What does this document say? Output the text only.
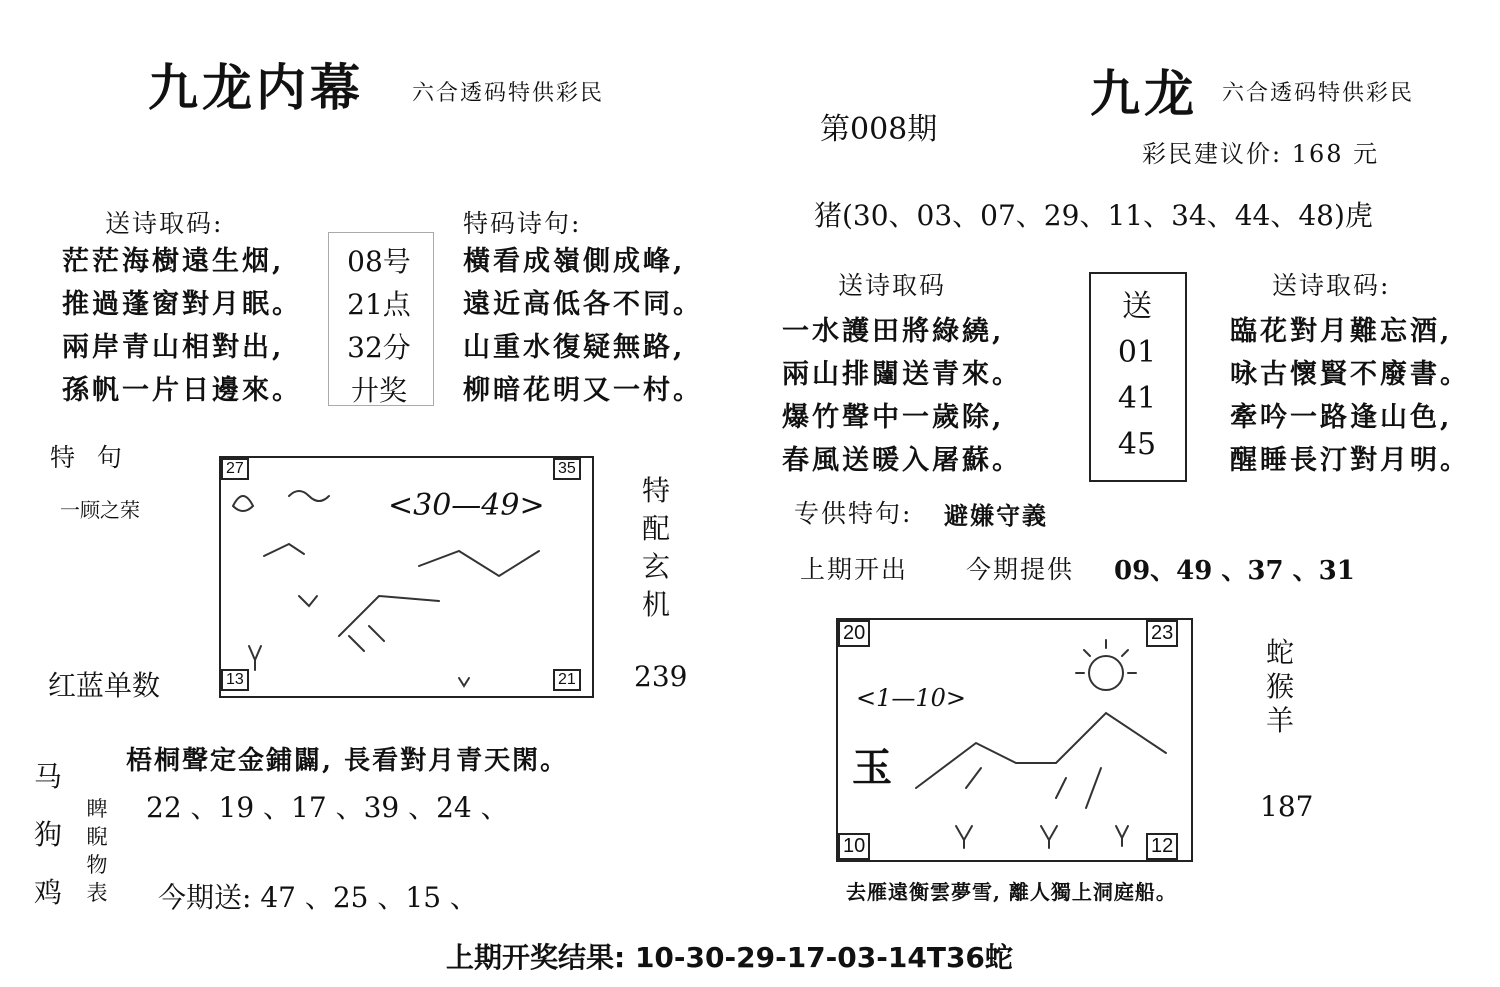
九龙内幕 六合透码特供彩民
送诗取码:
茫茫海樹遠生烟,
推過蓬窗對月眠。
兩岸青山相對出,
孫帆一片日邊來。
08号
21点
32分
廾奖
特码诗句:
橫看成嶺側成峰,
遠近高低各不同。
山重水復疑無路,
柳暗花明又一村。
特  句
一顾之荣
27	35
13	21
<30—49>	特
配
玄
机
239
红蓝单数
马
狗
鸡
梧桐聲定金鋪闢, 長看對月青天閑。
睥
睨
物
表
22 、19 、17 、39 、24 、
今期送: 47 、25 、15 、
第008期
九龙 六合透码特供彩民
彩民建议价: 168 元
猪(30、03、07、29、11、34、44、48)虎
送诗取码
一水護田將綠繞,
兩山排闥送青來。
爆竹聲中一歲除,
春風送暖入屠蘇。
送
01
41
45
送诗取码:
臨花對月難忘酒,
咏古懷賢不廢書。
牽吟一路逢山色,
醒睡長汀對月明。
专供特句: 避嫌守義
上期开出 今期提供 09、49 、37 、31
20	23
10	12
<1—10>
玉
蛇
猴
羊
187
去雁遠衡雲夢雪, 離人獨上洞庭船。
上期开奖结果: 10-30-29-17-03-14T36蛇
